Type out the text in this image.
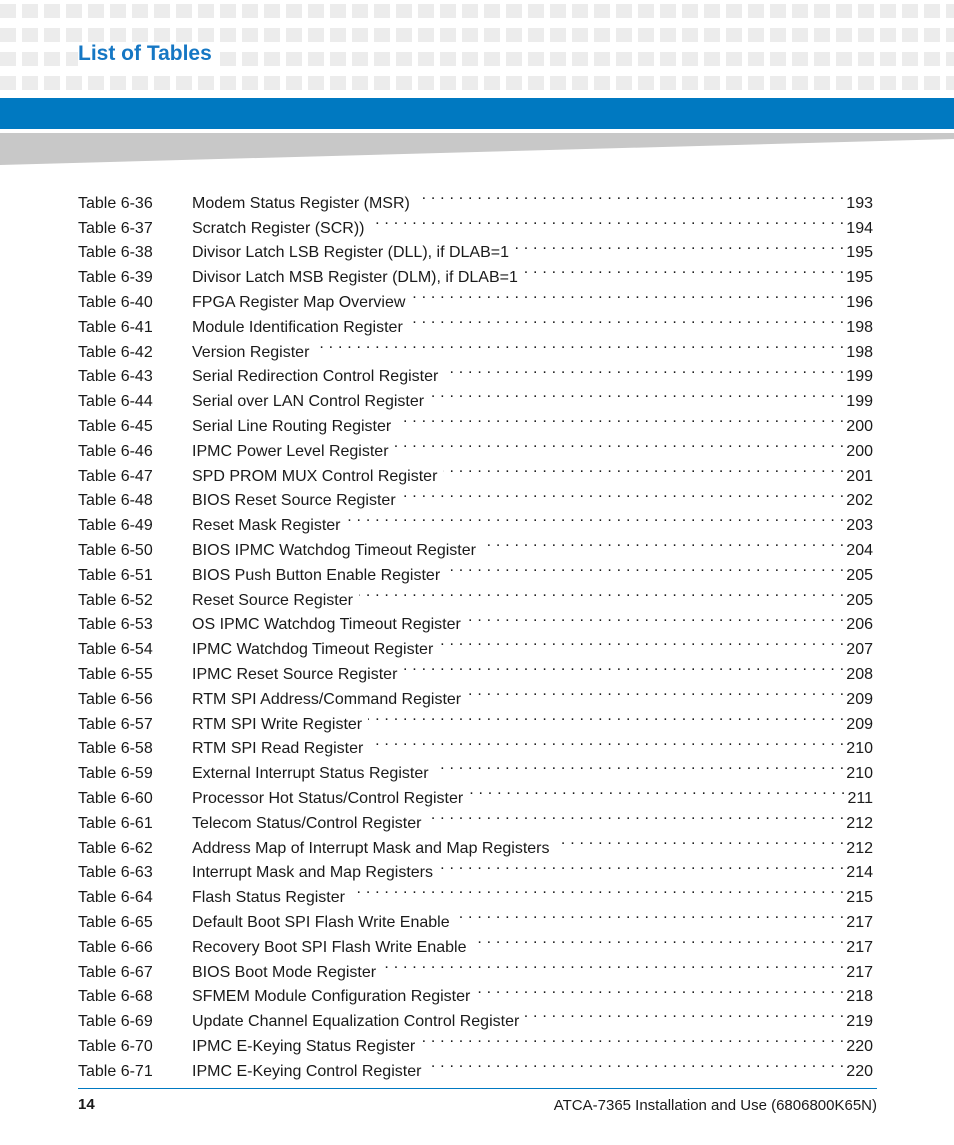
List of Tables
Table 6-36	Modem Status Register (MSR) . . .	193
Table 6-37	Scratch Register (SCR)) . . .	194
Table 6-38	Divisor Latch LSB Register (DLL), if DLAB=1 . . .	195
Table 6-39	Divisor Latch MSB Register (DLM), if DLAB=1 . . .	195
Table 6-40	FPGA Register Map Overview . . .	196
Table 6-41	Module Identification Register . . .	198
Table 6-42	Version Register . . .	198
Table 6-43	Serial Redirection Control Register . . .	199
Table 6-44	Serial over LAN Control Register . . .	199
Table 6-45	Serial Line Routing Register . . .	200
Table 6-46	IPMC Power Level Register . . .	200
Table 6-47	SPD PROM MUX Control Register . . .	201
Table 6-48	BIOS Reset Source Register . . .	202
Table 6-49	Reset Mask Register . . .	203
Table 6-50	BIOS IPMC Watchdog Timeout Register . . .	204
Table 6-51	BIOS Push Button Enable Register . . .	205
Table 6-52	Reset Source Register . . .	205
Table 6-53	OS IPMC Watchdog Timeout Register . . .	206
Table 6-54	IPMC Watchdog Timeout Register . . .	207
Table 6-55	IPMC Reset Source Register . . .	208
Table 6-56	RTM SPI Address/Command Register . . .	209
Table 6-57	RTM SPI Write Register . . .	209
Table 6-58	RTM SPI Read Register . . .	210
Table 6-59	External Interrupt Status Register . . .	210
Table 6-60	Processor Hot Status/Control Register . . .	211
Table 6-61	Telecom Status/Control Register . . .	212
Table 6-62	Address Map of Interrupt Mask and Map Registers . . .	212
Table 6-63	Interrupt Mask and Map Registers . . .	214
Table 6-64	Flash Status Register . . .	215
Table 6-65	Default Boot SPI Flash Write Enable . . .	217
Table 6-66	Recovery Boot SPI Flash Write Enable . . .	217
Table 6-67	BIOS Boot Mode Register . . .	217
Table 6-68	SFMEM Module Configuration Register . . .	218
Table 6-69	Update Channel Equalization Control Register . . .	219
Table 6-70	IPMC E-Keying Status Register . . .	220
Table 6-71	IPMC E-Keying Control Register . . .	220
14	ATCA-7365 Installation and Use (6806800K65N)
